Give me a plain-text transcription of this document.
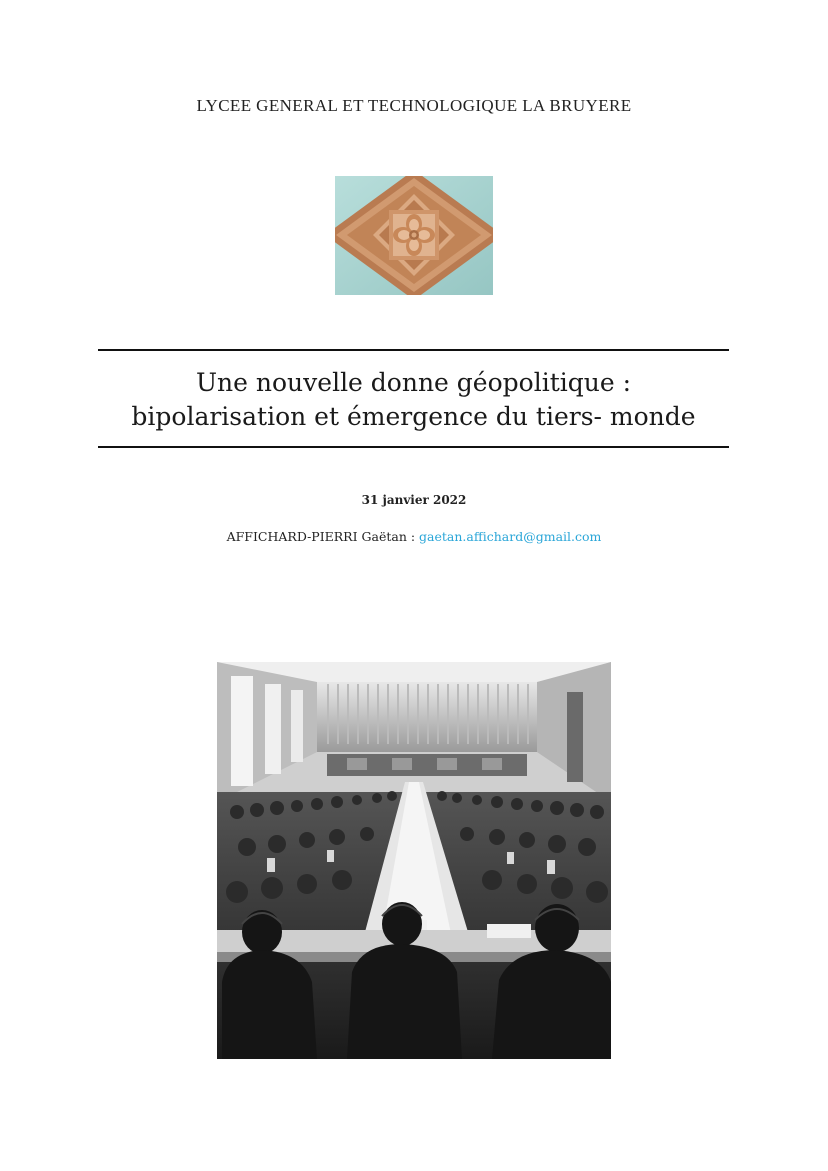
LYCEE GENERAL ET TECHNOLOGIQUE LA BRUYERE
Une nouvelle donne géopolitique :
bipolarisation et émergence du tiers- monde
31 janvier 2022
AFFICHARD-PIERRI Gaëtan : gaetan.affichard@gmail.com
